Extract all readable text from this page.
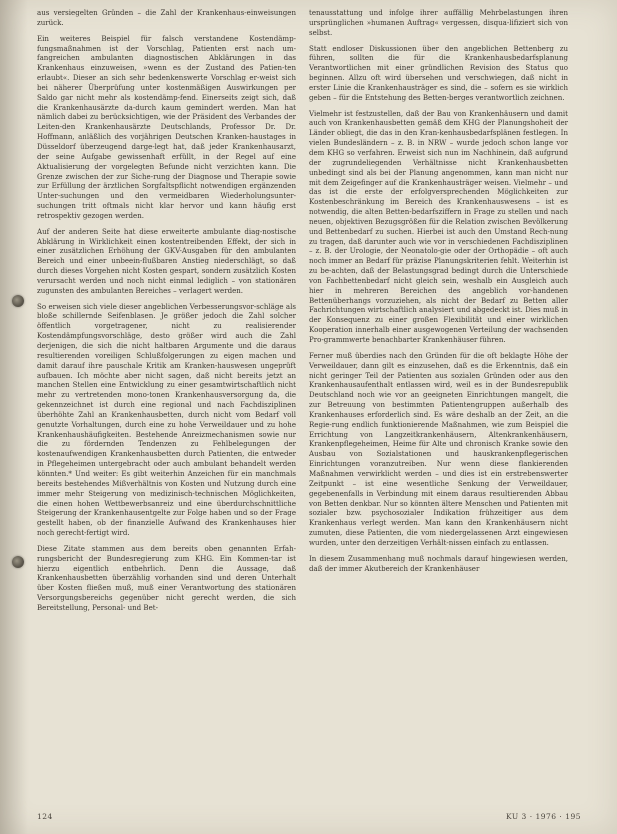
aus versiegelten Gründen – die Zahl der Krankenhaus-einweisungen zurück.

Ein weiteres Beispiel für falsch verstandene Kostendämp-fungsmaßnahmen ist der Vorschlag, Patienten erst nach um-fangreichen ambulanten diagnostischen Abklärungen in das Krankenhaus einzuweisen, »wenn es der Zustand des Patien-ten erlaubt«. Dieser an sich sehr bedenkenswerte Vorschlag er-weist sich bei näherer Überprüfung unter kostenmäßigen Auswirkungen per Saldo gar nicht mehr als kostendämp-fend. Einerseits zeigt sich, daß die Krankenhausärzte da-durch kaum gemindert werden. Man hat nämlich dabei zu berücksichtigen, wie der Präsident des Verbandes der Leiten-den Krankenhausärzte Deutschlands, Professor Dr. Dr. Hoffmann, anläßlich des vorjährigen Deutschen Kranken-haustages in Düsseldorf überzeugend darge-legt hat, daß jeder Krankenhausarzt, der seine Aufgabe gewissenhaft erfüllt, in der Regel auf eine Aktualisierung der vorgelegten Befunde nicht verzichten kann. Die Grenze zwischen der zur Siche-rung der Diagnose und Therapie sowie zur Erfüllung der ärztlichen Sorgfaltspflicht notwendigen ergänzenden Unter-suchungen und den vermeidbaren Wiederholungsunter-suchungen tritt oftmals nicht klar hervor und kann häufig erst retrospektiv gezogen werden.

Auf der anderen Seite hat diese erweiterte ambulante diag-nostische Abklärung in Wirklichkeit einen kostentreibenden Effekt, der sich in einer zusätzlichen Erhöhung der GKV-Ausgaben für den ambulanten Bereich und einer unbeein-flußbaren Anstieg niederschlägt, so daß durch dieses Vorgehen nicht Kosten gespart, sondern zusätzlich Kosten verursacht werden und noch nicht einmal lediglich – von stationären zugunsten des ambulanten Bereiches – verlagert werden.

So erweisen sich viele dieser angeblichen Verbesserungsvor-schläge als bloße schillernde Seifenblasen. Je größer jedoch die Zahl solcher öffentlich vorgetragener, nicht zu realisierender Kostendämpfungsvorschläge, desto größer wird auch die Zahl derjenigen, die sich die nicht haltbaren Argumente und die daraus resultierenden voreiligen Schlußfolgerungen zu eigen machen und damit darauf ihre pauschale Kritik am Kranken-hauswesen ungeprüft aufbauen. Ich möchte aber nicht sagen, daß nicht bereits jetzt an manchen Stellen eine Entwicklung zu einer gesamtwirtschaftlich nicht mehr zu vertretenden mono-tonen Krankenhausversorgung da, die gekennzeichnet ist durch eine regional und nach Fachdisziplinen überhöhte Zahl an Krankenhausbetten, durch nicht vom Bedarf voll genutzte Vorhaltungen, durch eine zu hohe Verweildauer und zu hohe Krankenhaushäufigkeiten. Bestehende Anreizmechanismen sowie nur die zu fördernden Tendenzen zu Fehlbelegungen der kostenaufwendigen Krankenhausbetten durch Patienten, die entweder in Pflegeheimen untergebracht oder auch ambulant behandelt werden könnten.* Und weiter: Es gibt weiterhin Anzeichen für ein manchmals bereits bestehendes Mißverhältnis von Kosten und Nutzung durch eine immer mehr Steigerung von medizinisch-technischen Möglichkeiten, die einen hohen Wettbewerbsanreiz und eine überdurchschnittliche Steigerung der Krankenhausentgelte zur Folge haben und so der Frage gestellt haben, ob der finanzielle Aufwand des Krankenhauses hier noch gerecht-fertigt wird.

Diese Zitate stammen aus dem bereits oben genannten Erfah-rungsbericht der Bundesregierung zum KHG. Ein Kommen-tar ist hierzu eigentlich entbehrlich. Denn die Aussage, daß Krankenhausbetten überzählig vorhanden sind und deren Unterhalt über Kosten fließen muß, muß einer Verantwortung des stationären Versorgungsbereichs gegenüber nicht gerecht werden, die sich Bereitstellung, Personal- und Bet-

tenausstattung und infolge ihrer auffällig Mehrbelastungen ihren ursprünglichen »humanen Auftrag« vergessen, disqua-lifiziert sich von selbst.

Statt endloser Diskussionen über den angeblichen Bettenberg zu führen, sollten die für die Krankenhausbedarfsplanung Verantwortlichen mit einer gründlichen Revision des Status quo beginnen. Allzu oft wird übersehen und verschwiegen, daß nicht in erster Linie die Krankenhausträger es sind, die – sofern es sie wirklich geben – für die Entstehung des Betten-berges verantwortlich zeichnen.

Vielmehr ist festzustellen, daß der Bau von Krankenhäusern und damit auch von Krankenhausbetten gemäß dem KHG der Planungshoheit der Länder obliegt, die das in den Kran-kenhausbedarfsplänen festlegen. In vielen Bundesländern – z. B. in NRW – wurde jedoch schon lange vor dem KHG so verfahren. Erweist sich nun im Nachhinein, daß aufgrund der zugrundeliegenden Verhältnisse nicht Krankenhausbetten unbedingt sind als bei der Planung angenommen, kann man nicht nur mit dem Zeigefinger auf die Krankenhausträger weisen. Vielmehr – und das ist die erste der erfolgversprechenden Möglichkeiten zur Kostenbeschränkung im Bereich des Krankenhauswesens – ist es notwendig, die alten Betten-bedarfsziffern in Frage zu stellen und nach neuen, objektiven Bezugsgrößen für die Relation zwischen Bevölkerung und Bettenbedarf zu suchen. Hierbei ist auch den Umstand Rech-nung zu tragen, daß darunter auch wie vor in verschiedenen Fachdisziplinen – z. B. der Urologie, der Neonatolo-gie oder der Orthopädie – oft auch noch immer an Bedarf für präzise Planungskriterien fehlt. Weiterhin ist zu be-achten, daß der Belastungsgrad bedingt durch die Unterschiede von Fachbettenbedarf nicht gleich sein, weshalb ein Ausgleich auch hier in mehreren Bereichen des angeblich vor-handenen Bettenüberhangs vorzuziehen, als nicht der Bedarf zu Betten aller Fachrichtungen wirtschaftlich analysiert und abgedeckt ist. Dies muß in der Konsequenz zu einer großen Flexibilität und einer wirklichen Kooperation innerhalb einer ausgewogenen Verteilung der wachsenden Pro-grammwerte benachbarter Krankenhäuser führen.

Ferner muß überdies nach den Gründen für die oft beklagte Höhe der Verweildauer, dann gilt es einzusehen, daß es die Erkenntnis, daß ein nicht geringer Teil der Patienten aus sozialen Gründen oder aus den Krankenhausaufenthalt entlassen wird, weil es in der Bundesrepublik Deutschland noch wie vor an geeigneten Einrichtungen mangelt, die zur Betreuung von bestimmten Patientengruppen außerhalb des Krankenhauses erforderlich sind. Es wäre deshalb an der Zeit, an die Regie-rung endlich funktionierende Maßnahmen, wie zum Beispiel die Errichtung von Langzeitkrankenhäusern, Altenkrankenhäusern, Krankenpflegeheimen, Heime für Alte und chronisch Kranke sowie den Ausbau von Sozialstationen und hauskrankenpflegerischen Einrichtungen voranzutreiben. Nur wenn diese flankierenden Maßnahmen verwirklicht werden – und dies ist ein erstrebenswerter Zeitpunkt – ist eine wesentliche Senkung der Verweildauer, gegebenenfalls in Verbindung mit einem daraus resultierenden Abbau von Betten denkbar. Nur so könnten ältere Menschen und Patienten mit sozialer bzw. psychosozialer Indikation frühzeitiger aus dem Krankenhaus verlegt werden. Man kann den Krankenhäusern nicht zumuten, diese Patienten, die vom niedergelassenen Arzt eingewiesen wurden, unter den derzeitigen Verhält-nissen einfach zu entlassen.

In diesem Zusammenhang muß nochmals darauf hingewiesen werden, daß der immer Akutbereich der Krankenhäuser

124	KU 3 · 1976 · 195
